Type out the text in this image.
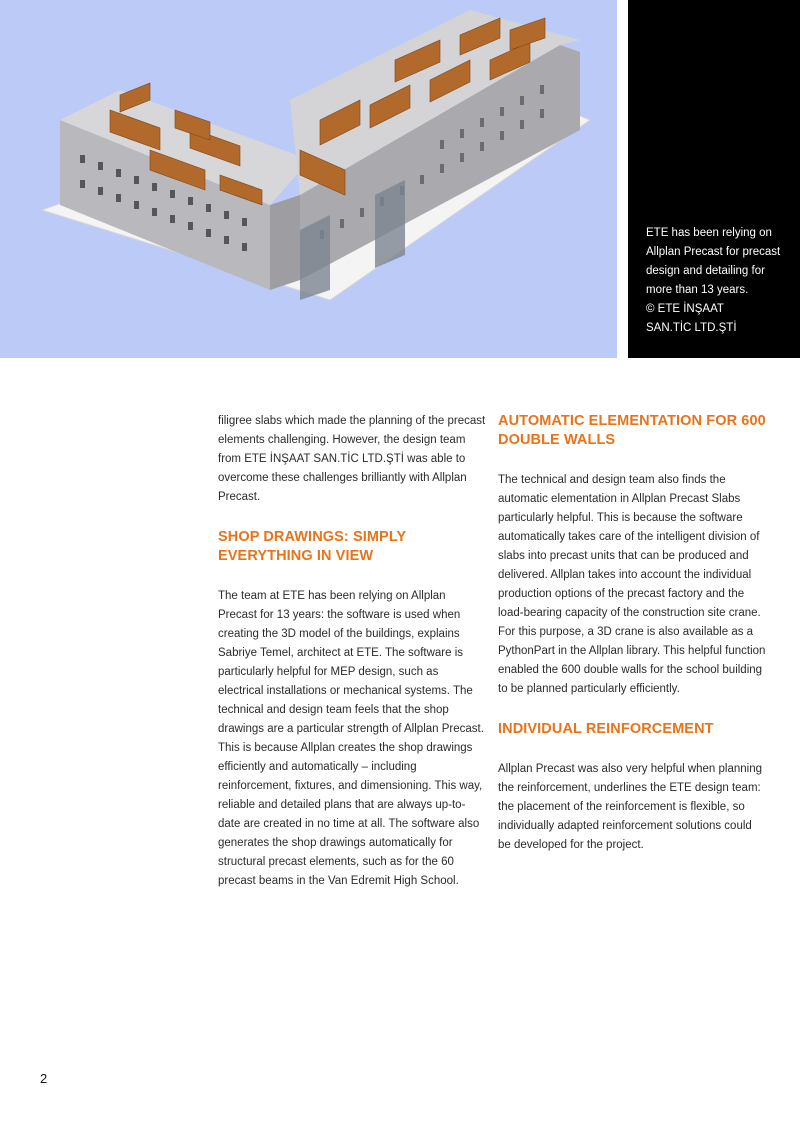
ETE has been relying on
Allplan Precast for precast
design and detailing for
more than 13 years.
© ETE İNŞAAT
SAN.TİC LTD.ŞTİ

filigree slabs which made the planning of the precast elements challenging. However, the design team from ETE İNŞAAT SAN.TİC LTD.ŞTİ was able to overcome these challenges brilliantly with Allplan Precast.

SHOP DRAWINGS: SIMPLY EVERYTHING IN VIEW

The team at ETE has been relying on Allplan Precast for 13 years: the software is used when creating the 3D model of the buildings, explains Sabriye Temel, architect at ETE. The software is particularly helpful for MEP design, such as electrical installations or mechanical systems. The technical and design team feels that the shop drawings are a particular strength of Allplan Precast. This is because Allplan creates the shop drawings efficiently and automatically – including reinforcement, fixtures, and dimensioning. This way, reliable and detailed plans that are always up-to-date are created in no time at all. The software also generates the shop drawings automatically for structural precast elements, such as for the 60 precast beams in the Van Edremit High School.

AUTOMATIC ELEMENTATION FOR 600 DOUBLE WALLS

The technical and design team also finds the automatic elementation in Allplan Precast Slabs particularly helpful. This is because the software automatically takes care of the intelligent division of slabs into precast units that can be produced and delivered. Allplan takes into account the individual production options of the precast factory and the load-bearing capacity of the construction site crane. For this purpose, a 3D crane is also available as a PythonPart in the Allplan library. This helpful function enabled the 600 double walls for the school building to be planned particularly efficiently.

INDIVIDUAL REINFORCEMENT

Allplan Precast was also very helpful when planning the reinforcement, underlines the ETE design team: the placement of the reinforcement is flexible, so individually adapted reinforcement solutions could be developed for the project.

2
